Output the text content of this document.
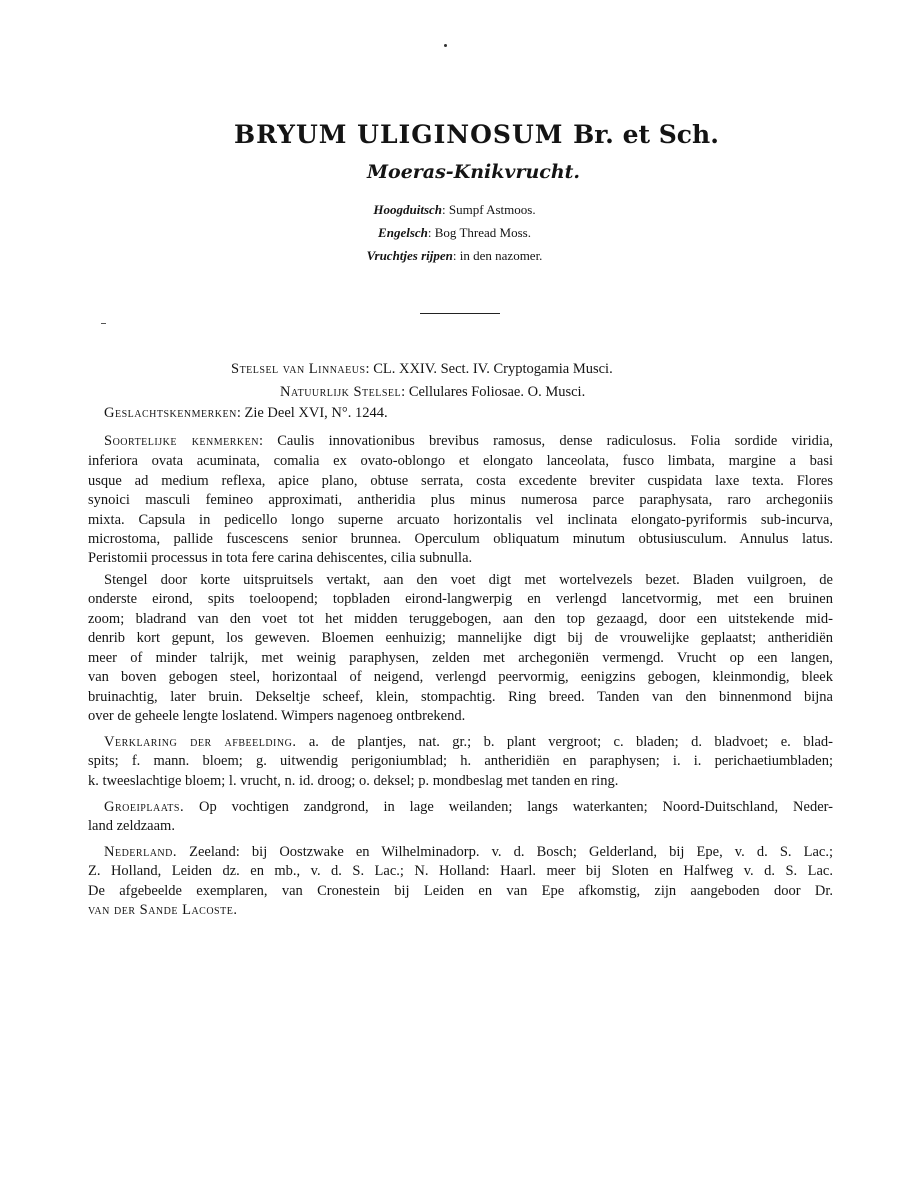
BRYUM ULIGINOSUM Br. et Sch.
Moeras-Knikvrucht.
Hoogduitsch: Sumpf Astmoos.
Engelsch: Bog Thread Moss.
Vruchtjes rijpen: in den nazomer.
Stelsel van Linnaeus: CL. XXIV. Sect. IV. Cryptogamia Musci.
Natuurlijk Stelsel: Cellulares Foliosae. O. Musci.
Geslachtskenmerken: Zie Deel XVI, N°. 1244.
Soortelijke kenmerken: Caulis innovationibus brevibus ramosus, dense radiculosus. Folia sordide viridia,
inferiora ovata acuminata, comalia ex ovato-oblongo et elongato lanceolata, fusco limbata, margine a basi
usque ad medium reflexa, apice plano, obtuse serrata, costa excedente breviter cuspidata laxe texta. Flores
synoici masculi femineo approximati, antheridia plus minus numerosa parce paraphysata, raro archegoniis
mixta. Capsula in pedicello longo superne arcuato horizontalis vel inclinata elongato-pyriformis sub-incurva,
microstoma, pallide fuscescens senior brunnea. Operculum obliquatum minutum obtusiusculum. Annulus latus.
Peristomii processus in tota fere carina dehiscentes, cilia subnulla.
Stengel door korte uitspruitsels vertakt, aan den voet digt met wortelvezels bezet. Bladen vuilgroen, de
onderste eirond, spits toeloopend; topbladen eirond-langwerpig en verlengd lancetvormig, met een bruinen
zoom; bladrand van den voet tot het midden teruggebogen, aan den top gezaagd, door een uitstekende mid-
denrib kort gepunt, los geweven. Bloemen eenhuizig; mannelijke digt bij de vrouwelijke geplaatst; antheridiën
meer of minder talrijk, met weinig paraphysen, zelden met archegoniën vermengd. Vrucht op een langen,
van boven gebogen steel, horizontaal of neigend, verlengd peervormig, eenigzins gebogen, kleinmondig, bleek
bruinachtig, later bruin. Dekseltje scheef, klein, stompachtig. Ring breed. Tanden van den binnenmond bijna
over de geheele lengte loslatend. Wimpers nagenoeg ontbrekend.
Verklaring der afbeelding. a. de plantjes, nat. gr.; b. plant vergroot; c. bladen; d. bladvoet; e. blad-
spits; f. mann. bloem; g. uitwendig perigoniumblad; h. antheridiën en paraphysen; i. i. perichaetiumbladen;
k. tweeslachtige bloem; l. vrucht, n. id. droog; o. deksel; p. mondbeslag met tanden en ring.
Groeiplaats. Op vochtigen zandgrond, in lage weilanden; langs waterkanten; Noord-Duitschland, Neder-
land zeldzaam.
Nederland. Zeeland: bij Oostzwake en Wilhelminadorp. v. d. Bosch; Gelderland, bij Epe, v. d. S. Lac.;
Z. Holland, Leiden dz. en mb., v. d. S. Lac.; N. Holland: Haarl. meer bij Sloten en Halfweg v. d. S. Lac.
De afgebeelde exemplaren, van Cronestein bij Leiden en van Epe afkomstig, zijn aangeboden door Dr.
van der Sande Lacoste.
